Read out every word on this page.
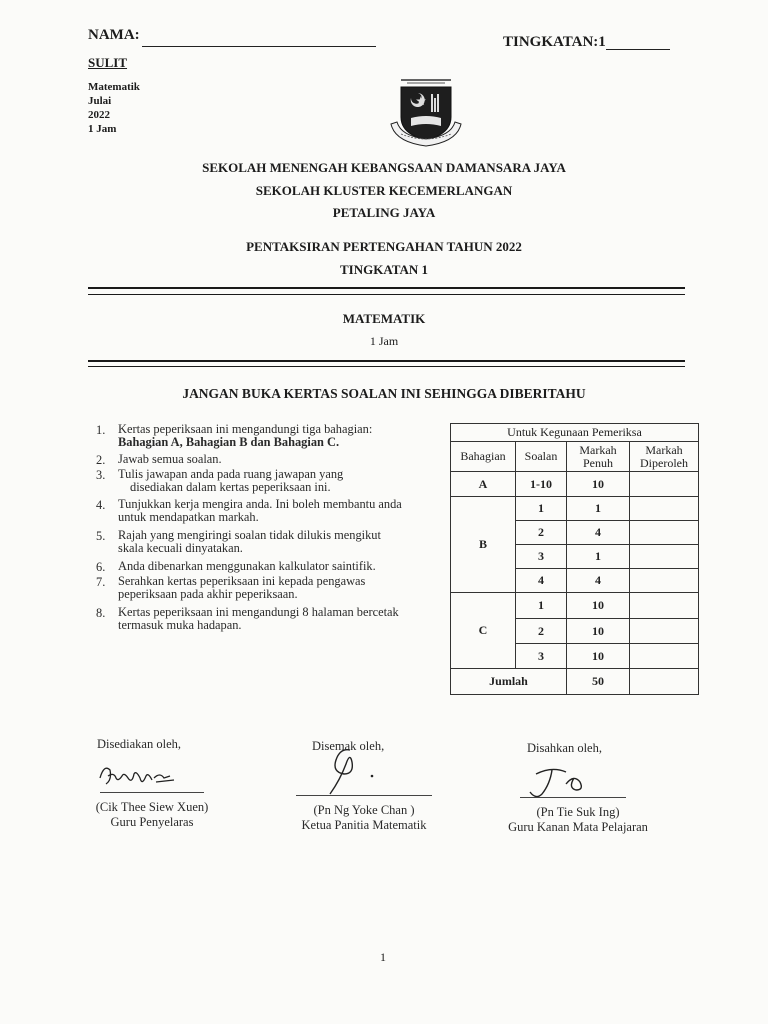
NAMA:	TINGKATAN:1
SULIT
Matematik
Julai
2022
1 Jam
SEKOLAH MENENGAH KEBANGSAAN DAMANSARA JAYA
SEKOLAH KLUSTER KECEMERLANGAN
PETALING JAYA
PENTAKSIRAN PERTENGAHAN TAHUN 2022
TINGKATAN 1
MATEMATIK
1 Jam
JANGAN BUKA KERTAS SOALAN INI SEHINGGA DIBERITAHU
1.	Kertas peperiksaan ini mengandungi tiga bahagian:
Bahagian A, Bahagian B dan Bahagian C.
2.	Jawab semua soalan.
3.	Tulis jawapan anda pada ruang jawapan yang
disediakan dalam kertas peperiksaan ini.
4.	Tunjukkan kerja mengira anda. Ini boleh membantu anda
untuk mendapatkan markah.
5.	Rajah yang mengiringi soalan tidak dilukis mengikut
skala kecuali dinyatakan.
6.	Anda dibenarkan menggunakan kalkulator saintifik.
7.	Serahkan kertas peperiksaan ini kepada pengawas
peperiksaan pada akhir peperiksaan.
8.	Kertas peperiksaan ini mengandungi 8 halaman bercetak
termasuk muka hadapan.
Untuk Kegunaan Pemeriksa			
Bahagian	Soalan	Markah Penuh	Markah Diperoleh
A	1-10	10	
B	1	1	
	2	4	
	3	1	
	4	4	
C	1	10	
	2	10	
	3	10	
Jumlah		50	
Disediakan oleh,	Disemak oleh,	Disahkan oleh,
(Cik Thee Siew Xuen)
Guru Penyelaras
(Pn Ng Yoke Chan )
Ketua Panitia Matematik
(Pn Tie Suk Ing)
Guru Kanan Mata Pelajaran
1
